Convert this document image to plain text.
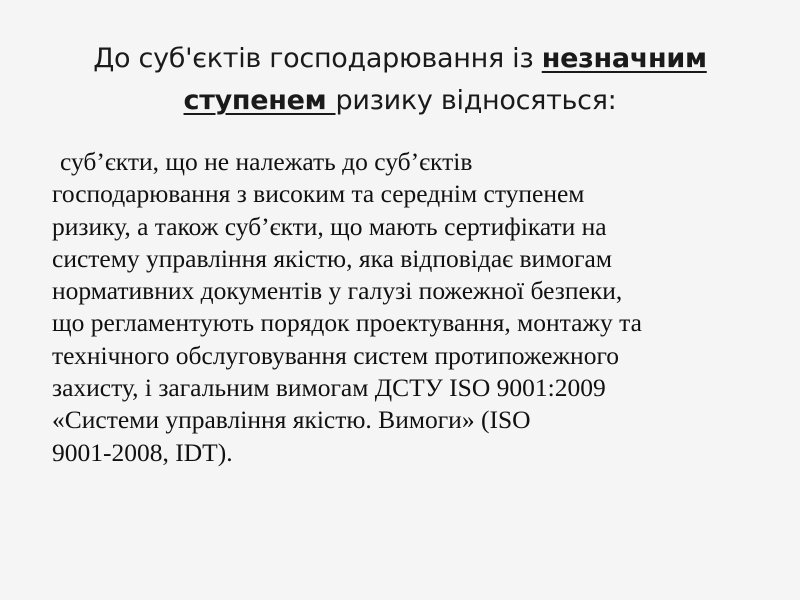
До суб'єктів господарювання із незначним
ступенем ризику відносяться:
суб’єкти, що не належать до суб’єктів
господарювання з високим та середнім ступенем
ризику, а також суб’єкти, що мають сертифікати на
систему управління якістю, яка відповідає вимогам
нормативних документів у галузі пожежної безпеки,
що регламентують порядок проектування, монтажу та
технічного обслуговування систем протипожежного
захисту, і загальним вимогам ДСТУ ISO 9001:2009
«Системи управління якістю. Вимоги» (ISO
9001-2008, IDT).
